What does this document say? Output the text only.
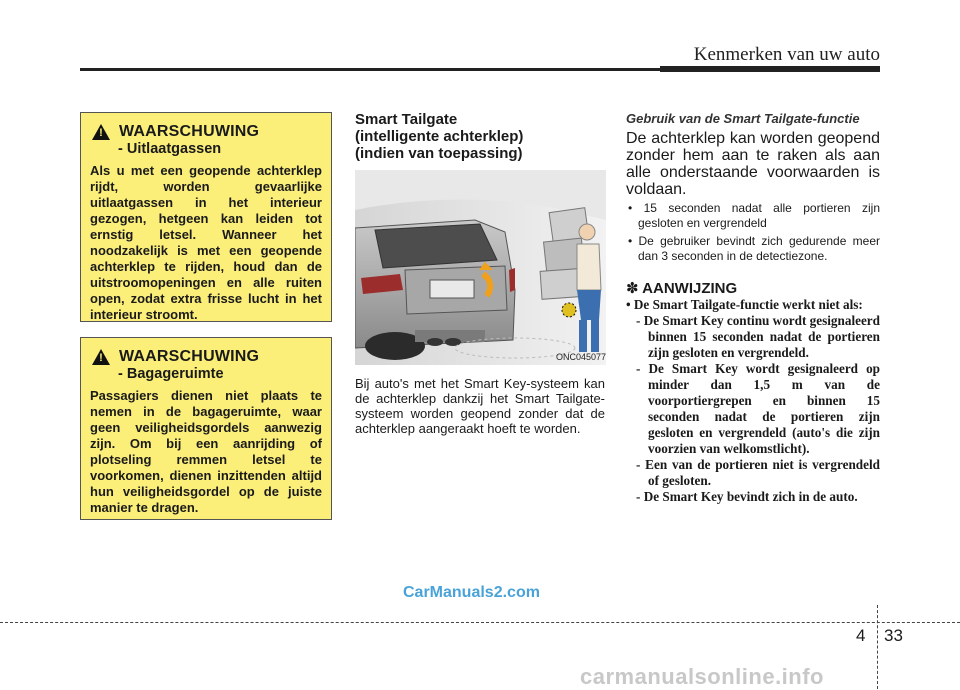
Kenmerken van uw auto
! WAARSCHUWING
- Uitlaatgassen
Als u met een geopende achterklep rijdt, worden gevaarlijke uitlaatgassen in het interieur gezogen, hetgeen kan leiden tot ernstig letsel. Wanneer het noodzakelijk is met een geopende achterklep te rijden, houd dan de uitstroomopeningen en alle ruiten open, zodat extra frisse lucht in het interieur stroomt.
! WAARSCHUWING
- Bagageruimte
Passagiers dienen niet plaats te nemen in de bagageruimte, waar geen veiligheidsgordels aanwezig zijn. Om bij een aanrijding of plotseling remmen letsel te voorkomen, dienen inzittenden altijd hun veiligheidsgordel op de juiste manier te dragen.
Smart Tailgate
(intelligente achterklep)
(indien van toepassing)
ONC045077
Bij auto's met het Smart Key-systeem kan de achterklep dankzij het Smart Tailgate-systeem worden geopend zonder dat de achterklep aangeraakt hoeft te worden.
Gebruik van de Smart Tailgate-functie
De achterklep kan worden geopend zonder hem aan te raken als aan alle onderstaande voorwaarden is voldaan.
• 15 seconden nadat alle portieren zijn gesloten en vergrendeld
• De gebruiker bevindt zich gedurende meer dan 3 seconden in de detectiezone.
✽ AANWIJZING
• De Smart Tailgate-functie werkt niet als:
- De Smart Key continu wordt gesignaleerd binnen 15 seconden nadat de portieren zijn gesloten en vergrendeld.
- De Smart Key wordt gesignaleerd op minder dan 1,5 m van de voorportiergrepen en binnen 15 seconden nadat de portieren zijn gesloten en vergrendeld (auto's die zijn voorzien van welkomstlicht).
- Een van de portieren niet is vergrendeld of gesloten.
- De Smart Key bevindt zich in de auto.
CarManuals2.com
4 33
carmanualsonline.info
